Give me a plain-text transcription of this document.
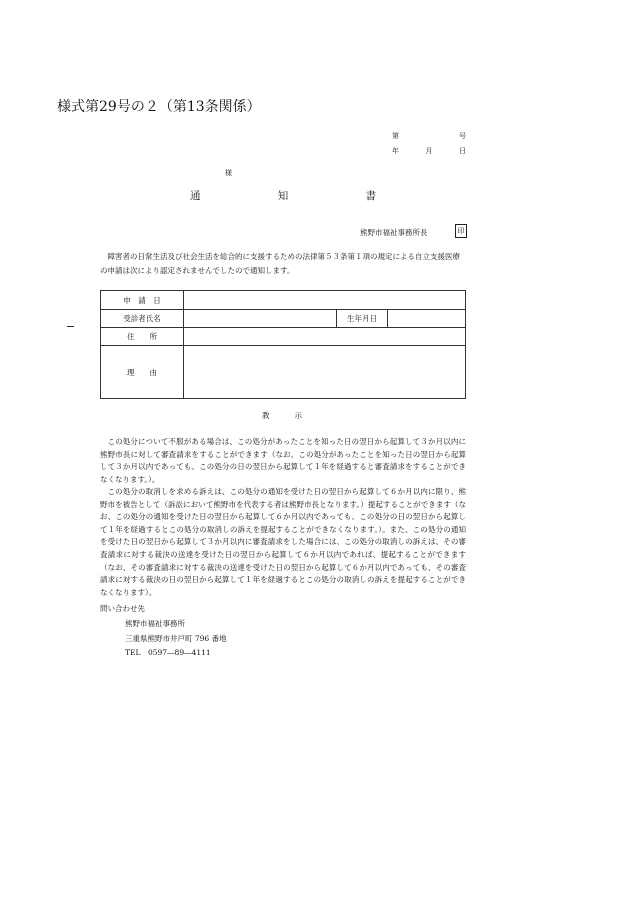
様式第29号の２（第13条関係）
第	号
年	月	日
様
通	知	書
熊野市福祉事務所長	印
障害者の日常生活及び社会生活を総合的に支援するための法律第５３条第１項の規定による自立支援医療の申請は次により認定されませんでしたので通知します。
申　請　日			
受診者氏名		生年月日	
住　　所			
理　　由			
教	示
この処分について不服がある場合は、この処分があったことを知った日の翌日から起算して３か月以内に熊野市長に対して審査請求をすることができます（なお、この処分があったことを知った日の翌日から起算して３か月以内であっても、この処分の日の翌日から起算して１年を経過すると審査請求をすることができなくなります。）。
この処分の取消しを求める訴えは、この処分の通知を受けた日の翌日から起算して６か月以内に限り、熊野市を被告として（訴訟において熊野市を代表する者は熊野市長となります。）提起することができます（なお、この処分の通知を受けた日の翌日から起算して６か月以内であっても、この処分の日の翌日から起算して１年を経過するとこの処分の取消しの訴えを提起することができなくなります。）。また、この処分の通知を受けた日の翌日から起算して３か月以内に審査請求をした場合には、この処分の取消しの訴えは、その審査請求に対する裁決の送達を受けた日の翌日から起算して６か月以内であれば、提起することができます（なお、その審査請求に対する裁決の送達を受けた日の翌日から起算して６か月以内であっても、その審査請求に対する裁決の日の翌日から起算して１年を経過するとこの処分の取消しの訴えを提起することができなくなります）。
問い合わせ先
熊野市福祉事務所
三重県熊野市井戸町 796 番地
TEL　0597―89―4111
